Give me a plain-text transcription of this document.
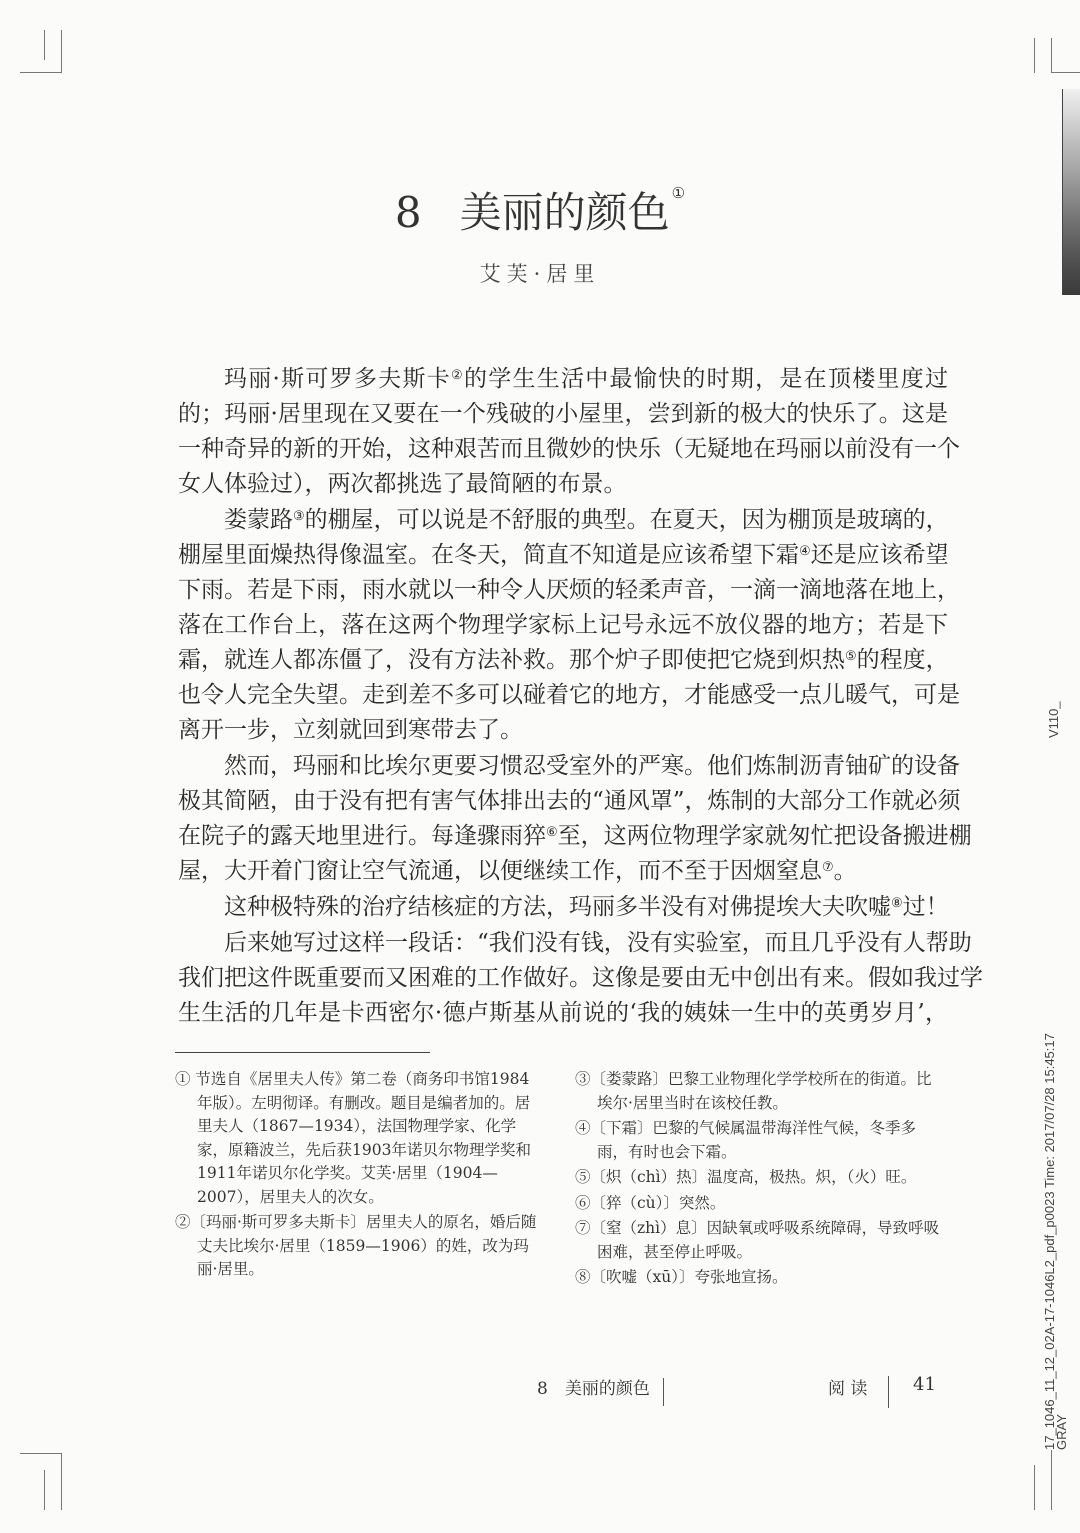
8 美丽的颜色 ①
艾芙·居里
玛丽·斯可罗多夫斯卡②的学生生活中最愉快的时期，是在顶楼里度过
的；玛丽·居里现在又要在一个残破的小屋里，尝到新的极大的快乐了。这是
一种奇异的新的开始，这种艰苦而且微妙的快乐（无疑地在玛丽以前没有一个
女人体验过），两次都挑选了最简陋的布景。
娄蒙路③的棚屋，可以说是不舒服的典型。在夏天，因为棚顶是玻璃的，
棚屋里面燥热得像温室。在冬天，简直不知道是应该希望下霜④还是应该希望
下雨。若是下雨，雨水就以一种令人厌烦的轻柔声音，一滴一滴地落在地上，
落在工作台上，落在这两个物理学家标上记号永远不放仪器的地方；若是下
霜，就连人都冻僵了，没有方法补救。那个炉子即使把它烧到炽热⑤的程度，
也令人完全失望。走到差不多可以碰着它的地方，才能感受一点儿暖气，可是
离开一步，立刻就回到寒带去了。
然而，玛丽和比埃尔更要习惯忍受室外的严寒。他们炼制沥青铀矿的设备
极其简陋，由于没有把有害气体排出去的“通风罩”，炼制的大部分工作就必须
在院子的露天地里进行。每逢骤雨猝⑥至，这两位物理学家就匆忙把设备搬进棚
屋，大开着门窗让空气流通，以便继续工作，而不至于因烟窒息⑦。
这种极特殊的治疗结核症的方法，玛丽多半没有对佛提埃大夫吹嘘⑧过！
后来她写过这样一段话：“我们没有钱，没有实验室，而且几乎没有人帮助
我们把这件既重要而又困难的工作做好。这像是要由无中创出有来。假如我过学
生生活的几年是卡西密尔·德卢斯基从前说的‘我的姨妹一生中的英勇岁月’，
① 节选自《居里夫人传》第二卷（商务印书馆1984年版）。左明彻译。有删改。题目是编者加的。居里夫人（1867—1934），法国物理学家、化学家，原籍波兰，先后获1903年诺贝尔物理学奖和1911年诺贝尔化学奖。艾芙·居里（1904—2007），居里夫人的次女。
②〔玛丽·斯可罗多夫斯卡〕居里夫人的原名，婚后随丈夫比埃尔·居里（1859—1906）的姓，改为玛丽·居里。
③〔娄蒙路〕巴黎工业物理化学学校所在的街道。比埃尔·居里当时在该校任教。
④〔下霜〕巴黎的气候属温带海洋性气候，冬季多雨，有时也会下霜。
⑤〔炽（chì）热〕温度高，极热。炽，（火）旺。
⑥〔猝（cù）〕突然。
⑦〔窒（zhì）息〕因缺氧或呼吸系统障碍，导致呼吸困难，甚至停止呼吸。
⑧〔吹嘘（xū）〕夸张地宣扬。
8　美丽的颜色	阅 读	41
V110_
17_1046_11_12_02A-17-1046L2_pdf_p0023 Time: 2017/07/28 15:45:17
GRAY
